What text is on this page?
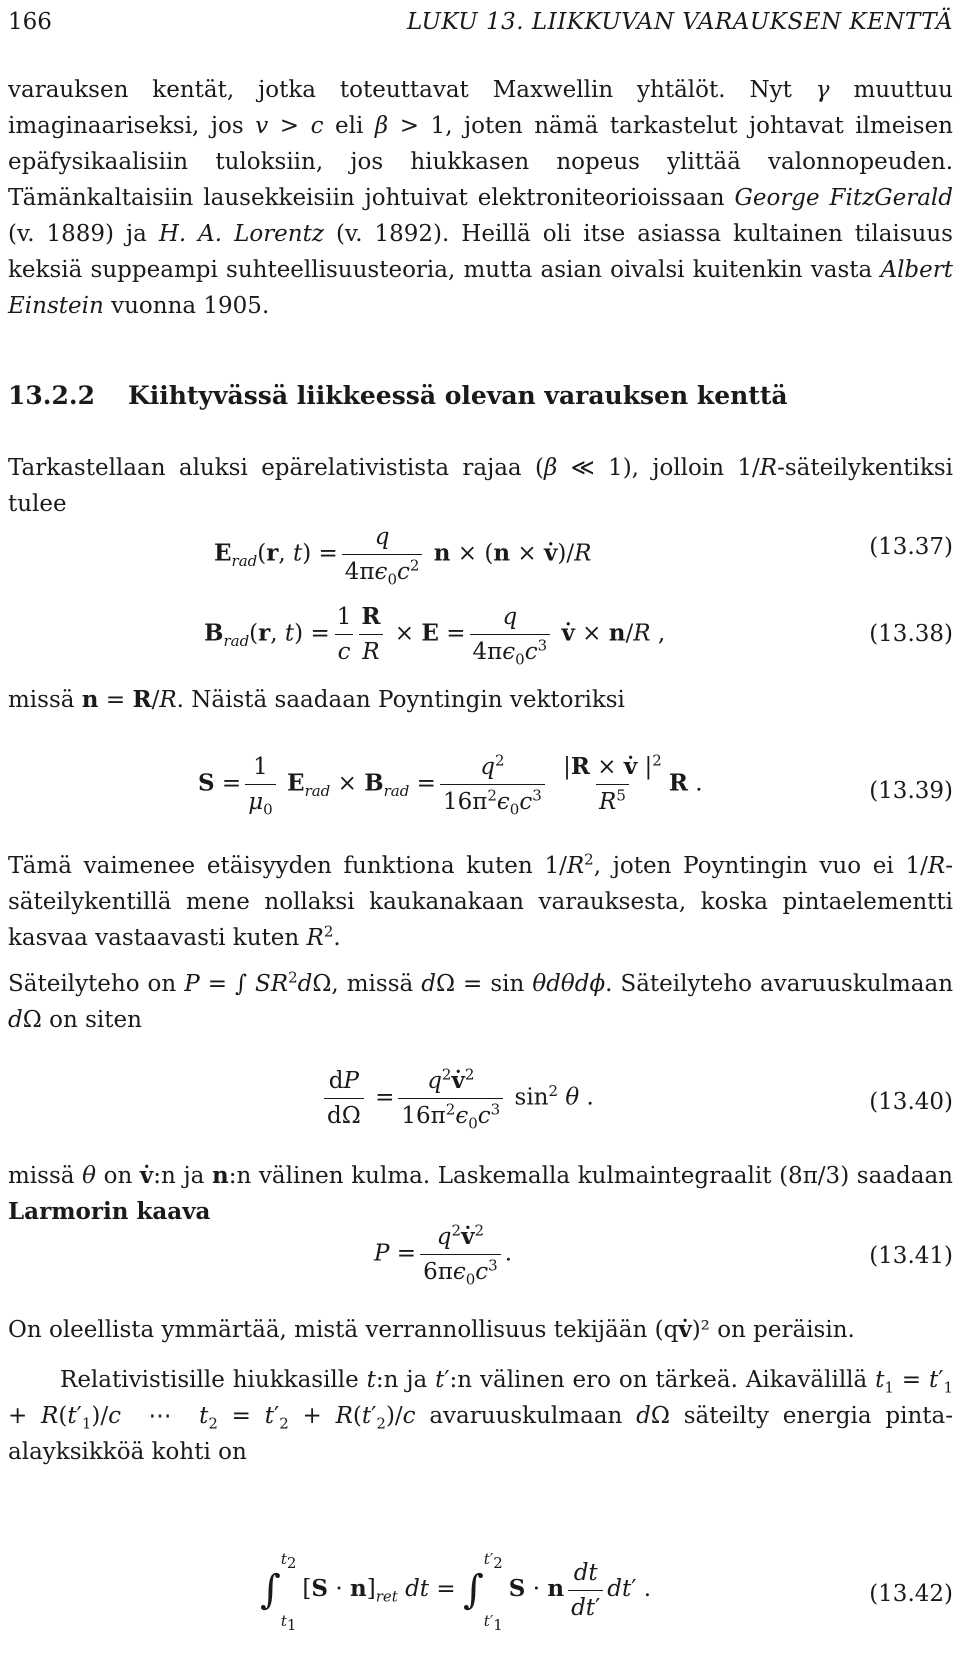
166	LUKU 13. LIIKKUVAN VARAUKSEN KENTTÄ
varauksen kentät, jotka toteuttavat Maxwellin yhtälöt. Nyt γ muuttuu imaginaariseksi, jos v > c eli β > 1, joten nämä tarkastelut johtavat ilmeisen epäfysikaalisiin tuloksiin, jos hiukkasen nopeus ylittää valonnopeuden. Tämänkaltaisiin lausekkeisiin johtuivat elektroniteorioissaan George FitzGerald (v. 1889) ja H. A. Lorentz (v. 1892). Heillä oli itse asiassa kultainen tilaisuus keksiä suppeampi suhteellisuusteoria, mutta asian oivalsi kuitenkin vasta Albert Einstein vuonna 1905.
13.2.2 Kiihtyvässä liikkeessä olevan varauksen kenttä
Tarkastellaan aluksi epärelativistista rajaa (β ≪ 1), jolloin 1/R-säteilykentiksi tulee
$E_{rad}(r$, $t) = \frac{q}{4\pi\epsilon_0c^2}$ n × (n × v̇)/R	(13.37)
$B_{rad}(r$, $t) = \frac{1}{c} \frac{R}{R} \times E = \frac{q}{4\pi\epsilon_0c^3}$ v̇ × n/R ,	(13.38)
missä n = R/R. Näistä saadaan Poyntingin vektoriksi
$S = \frac{1}{\mu_0} E_{rad} \times B_{rad} = \frac{q^2}{16\pi^2\epsilon_0c^3}$
$\frac{|R \times v̇ |^2}{R^5}$ R .	(13.39)
Tämä vaimenee etäisyyden funktiona kuten $1/R^2$, joten Poyntingin vuo ei 1/R-säteilykentillä mene nollaksi kaukanakaan varauksesta, koska pintaelementti kasvaa vastaavasti kuten $R^2$.
Säteilyteho on P = ∫ $SR^2d\Omega$, missä dΩ = sin θdθdϕ. Säteilyteho avaruuskulmaan dΩ on siten
$\frac{dP}{d\Omega} = \frac{q^2v̇^2}{16\pi^2\epsilon_0c^3} \sin^2 \theta$ .	(13.40)
missä θ on v̇:n ja n:n välinen kulma. Laskemalla kulmaintegraalit (8π/3) saadaan Larmorin kaava
$P = \frac{q^2v̇^2}{6\pi\epsilon_0c^3}$ .	(13.41)
On oleellista ymmärtää, mistä verrannollisuus tekijään (qv̇)² on peräisin.
Relativistisille hiukkasille t:n ja t′:n välinen ero on tärkeä. Aikavälillä $t_1 = t'_1 + R(t'_1)/c$  ⋯  $t_2 = t'_2 + R(t'_2)/c$ avaruuskulmaan dΩ säteilty energia pinta-alayksikköä kohti on
∫
$t_2$
$t_1$
$[S \cdot n]_{ret}$ dt = ∫
$t'_2$
$t'_1$
S · n $\frac{dt}{dt'} dt'$ .	(13.42)
